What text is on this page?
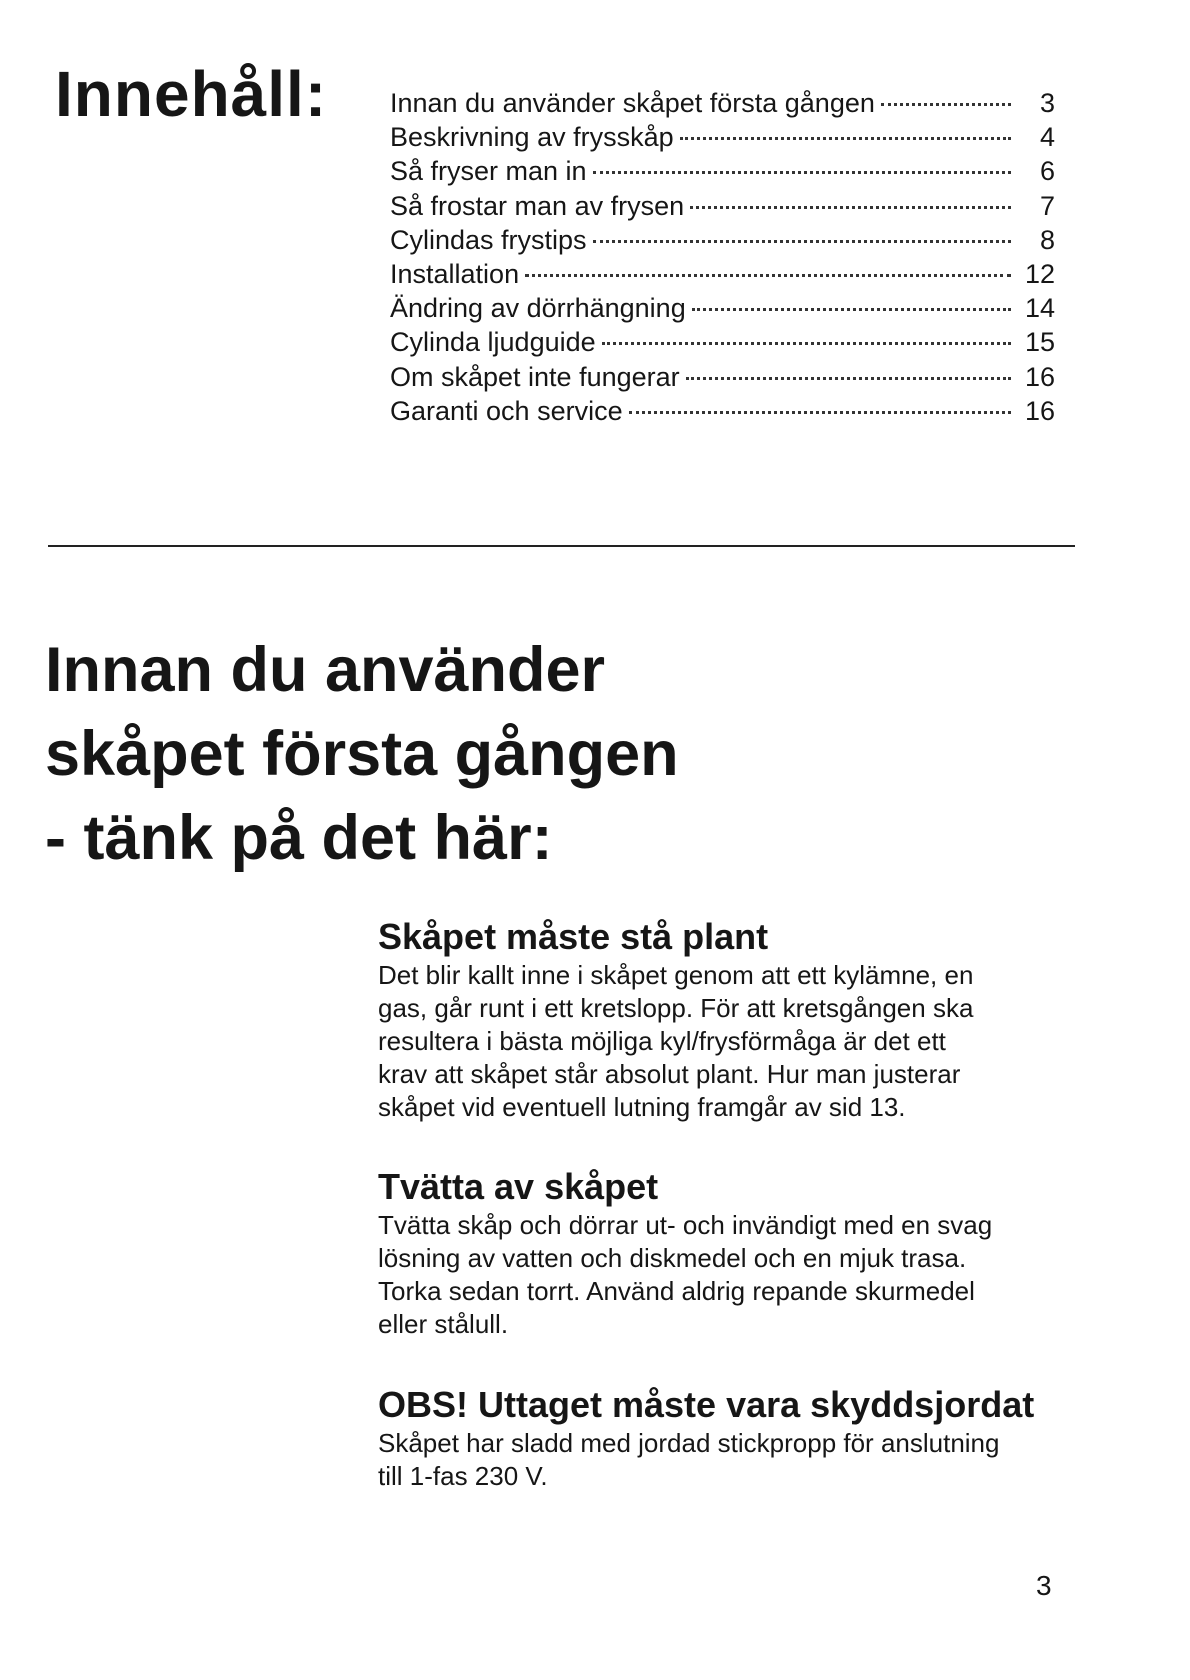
Innehåll: Innan du använder skåpet första gången	3
Beskrivning av frysskåp	4
Så fryser man in	6
Så frostar man av frysen	7
Cylindas frystips	8
Installation	12
Ändring av dörrhängning	14
Cylinda ljudguide	15
Om skåpet inte fungerar	16
Garanti och service	16
Innan du använder
skåpet första gången
- tänk på det här:
Skåpet måste stå plant

Det blir kallt inne i skåpet genom att ett kylämne, en
gas, går runt i ett kretslopp. För att kretsgången ska
resultera i bästa möjliga kyl/frysförmåga är det ett
krav att skåpet står absolut plant. Hur man justerar
skåpet vid eventuell lutning framgår av sid 13.

Tvätta av skåpet

Tvätta skåp och dörrar ut- och invändigt med en svag
lösning av vatten och diskmedel och en mjuk trasa.
Torka sedan torrt. Använd aldrig repande skurmedel
eller stålull.

OBS! Uttaget måste vara skyddsjordat

Skåpet har sladd med jordad stickpropp för anslutning
till 1-fas 230 V.

3
